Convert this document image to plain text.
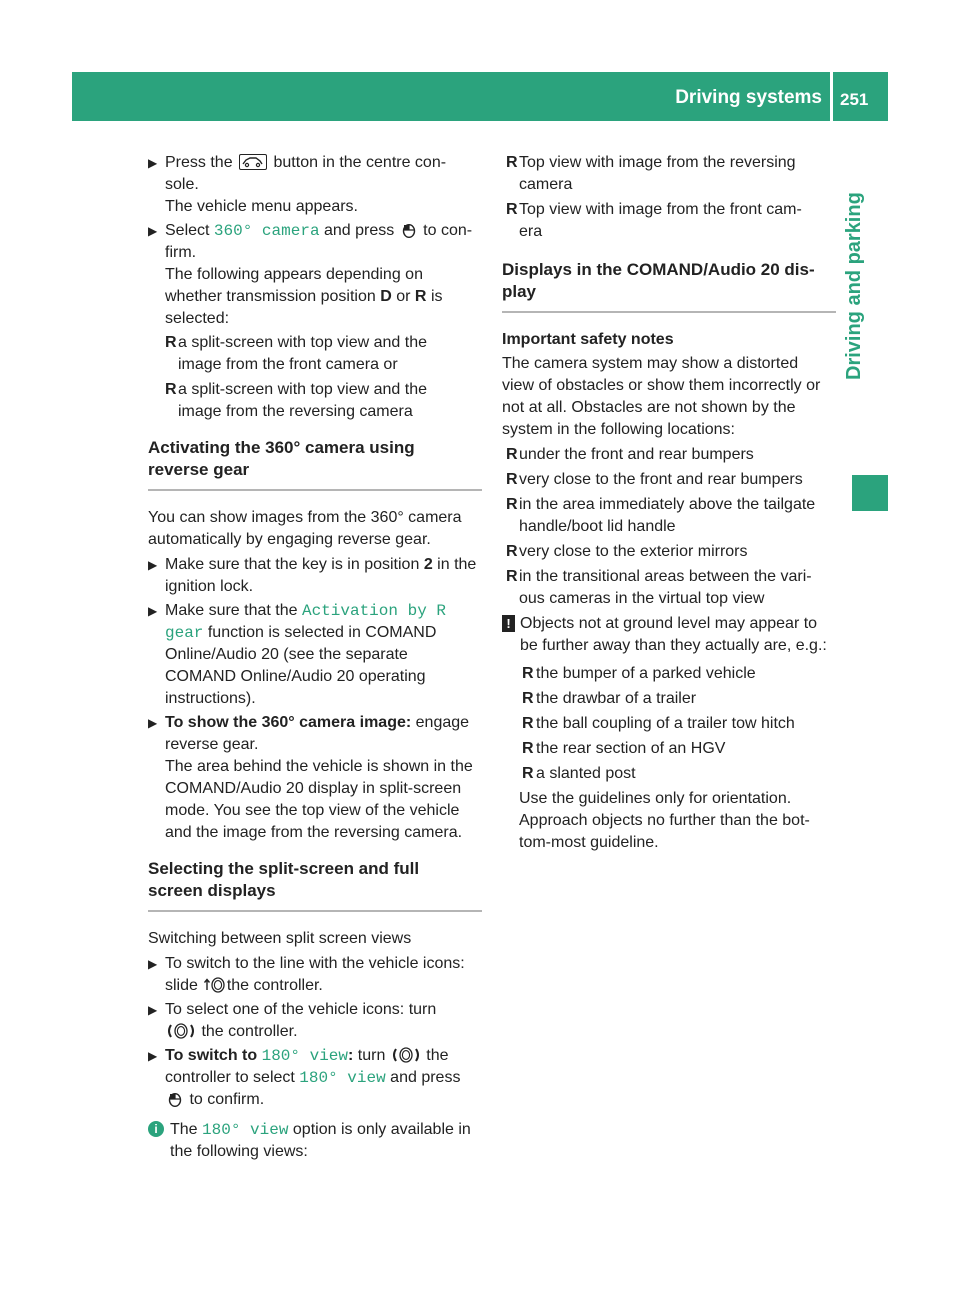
Driving systems 251
Driving and parking
▶ Press the	button in the centre con-
sole.
The vehicle menu appears.
▶ Select 360° camera and press to con-
firm.
The following appears depending on
whether transmission position D or R is
selected:
R a split-screen with top view and the
image from the front camera or
R a split-screen with top view and the
image from the reversing camera
Activating the 360° camera using
reverse gear
You can show images from the 360° camera
automatically by engaging reverse gear.
▶ Make sure that the key is in position 2 in the
ignition lock.
▶ Make sure that the Activation by R
gear function is selected in COMAND
Online/Audio 20 (see the separate
COMAND Online/Audio 20 operating
instructions).
▶ To show the 360° camera image: engage
reverse gear.
The area behind the vehicle is shown in the
COMAND/Audio 20 display in split-screen
mode. You see the top view of the vehicle
and the image from the reversing camera.
Selecting the split-screen and full
screen displays
Switching between split screen views
▶ To switch to the line with the vehicle icons:
slide the controller.
▶ To select one of the vehicle icons: turn
the controller.
▶ To switch to 180° view: turn	the
controller to select 180° view and press
to confirm.
i The 180° view option is only available in
the following views:
R Top view with image from the reversing
camera
R Top view with image from the front cam-
era
Displays in the COMAND/Audio 20 dis-
play
Important safety notes
The camera system may show a distorted
view of obstacles or show them incorrectly or
not at all. Obstacles are not shown by the
system in the following locations:
R under the front and rear bumpers
R very close to the front and rear bumpers
R in the area immediately above the tailgate
handle/boot lid handle
R very close to the exterior mirrors
R in the transitional areas between the vari-
ous cameras in the virtual top view
! Objects not at ground level may appear to
be further away than they actually are, e.g.:
R the bumper of a parked vehicle
R the drawbar of a trailer
R the ball coupling of a trailer tow hitch
R the rear section of an HGV
R a slanted post
Use the guidelines only for orientation.
Approach objects no further than the bot-
tom-most guideline.
